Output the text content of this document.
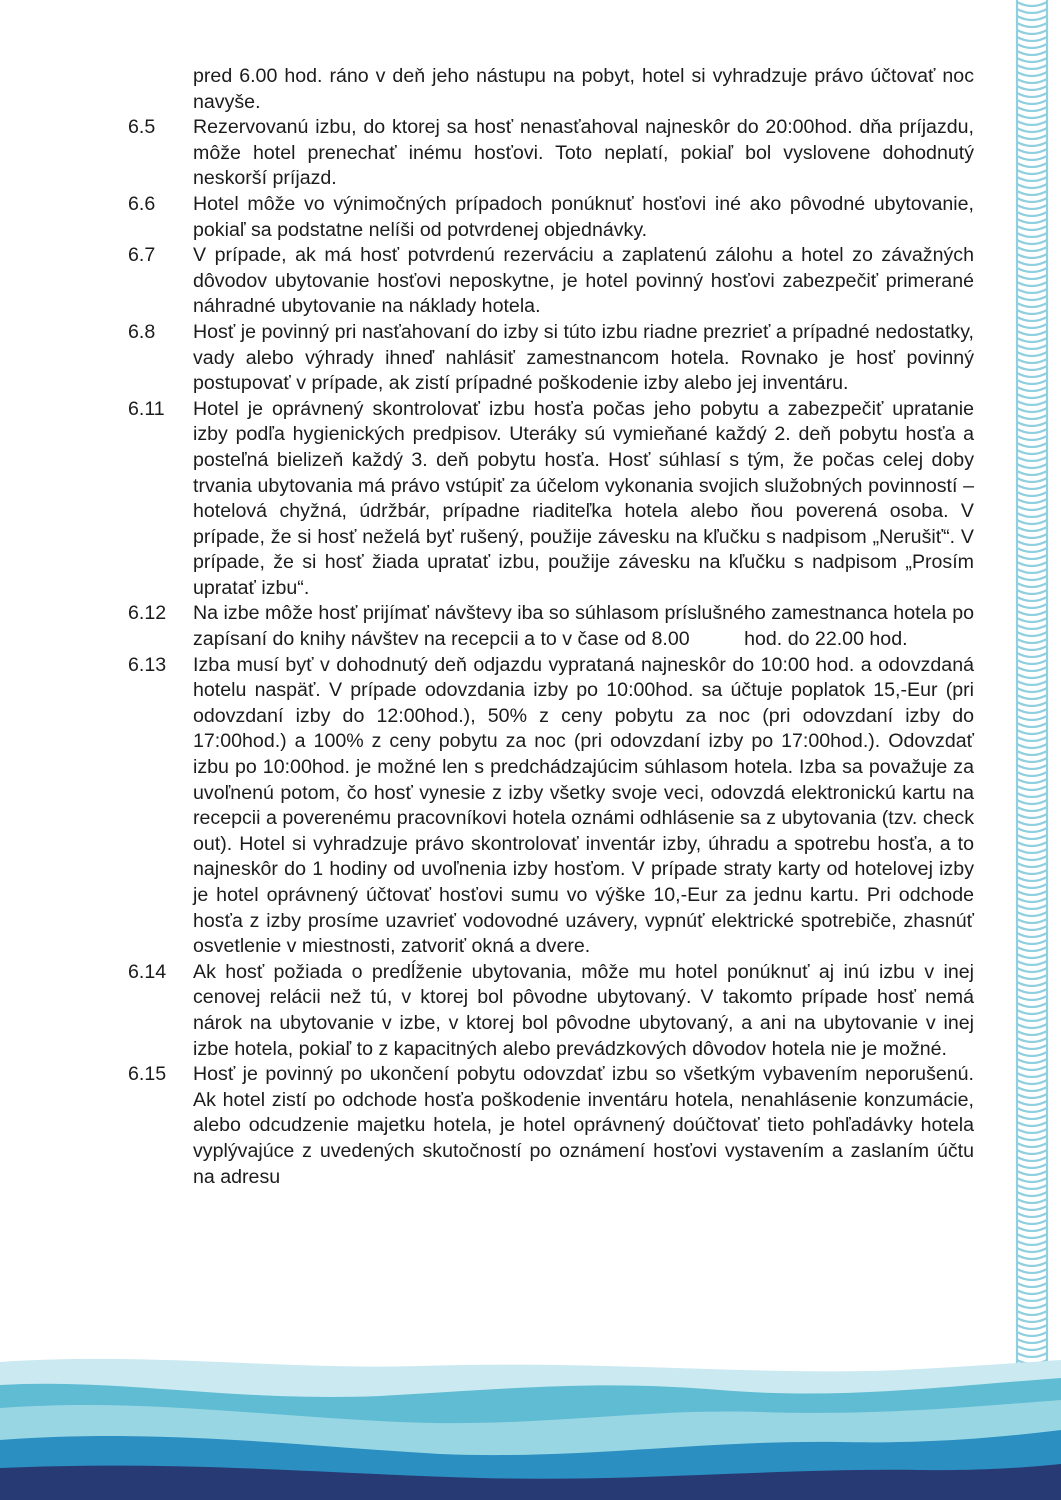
pred 6.00 hod. ráno v deň jeho nástupu na pobyt, hotel si vyhradzuje právo účtovať noc navyše.
6.5	Rezervovanú izbu, do ktorej sa hosť nenasťahoval najneskôr do 20:00hod. dňa príjazdu, môže hotel prenechať inému hosťovi. Toto neplatí, pokiaľ bol vyslovene dohodnutý neskorší príjazd.
6.6	Hotel môže vo výnimočných prípadoch ponúknuť hosťovi iné ako pôvodné ubytovanie, pokiaľ sa podstatne nelíši od potvrdenej objednávky.
6.7	V prípade, ak má hosť potvrdenú rezerváciu a zaplatenú zálohu a hotel zo závažných dôvodov ubytovanie hosťovi neposkytne, je hotel povinný hosťovi zabezpečiť primerané náhradné ubytovanie na náklady hotela.
6.8	Hosť je povinný pri nasťahovaní do izby si túto izbu riadne prezrieť a prípadné nedostatky, vady alebo výhrady ihneď nahlásiť zamestnancom hotela. Rovnako je hosť povinný postupovať v prípade, ak zistí prípadné poškodenie izby alebo jej inventáru.
6.11	Hotel je oprávnený skontrolovať izbu hosťa počas jeho pobytu a zabezpečiť upratanie izby podľa hygienických predpisov. Uteráky sú vymieňané každý 2. deň pobytu hosťa a posteľná bielizeň každý 3. deň pobytu hosťa. Hosť súhlasí s tým, že počas celej doby trvania ubytovania má právo vstúpiť za účelom vykonania svojich služobných povinností – hotelová chyžná, údržbár, prípadne riaditeľka hotela alebo ňou poverená osoba. V prípade, že si hosť neželá byť rušený, použije závesku na kľučku s nadpisom „Nerušiť“. V prípade, že si hosť žiada upratať izbu, použije závesku na kľučku s nadpisom „Prosím upratať izbu“.
6.12	Na izbe môže hosť prijímať návštevy iba so súhlasom príslušného zamestnanca hotela po zapísaní do knihy návštev na recepcii a to v čase od 8.00          hod. do 22.00 hod.
6.13	Izba musí byť v dohodnutý deň odjazdu vyprataná najneskôr do 10:00 hod. a odovzdaná hotelu naspäť. V prípade odovzdania izby po 10:00hod. sa účtuje poplatok 15,-Eur (pri odovzdaní izby do 12:00hod.), 50% z ceny pobytu za noc (pri odovzdaní izby do 17:00hod.) a 100% z ceny pobytu za noc (pri odovzdaní izby po 17:00hod.). Odovzdať izbu po 10:00hod. je možné len s predchádzajúcim súhlasom hotela. Izba sa považuje za uvoľnenú potom, čo hosť vynesie z izby všetky svoje veci, odovzdá elektronickú kartu na recepcii a poverenému pracovníkovi hotela oznámi odhlásenie sa z ubytovania (tzv. check out). Hotel si vyhradzuje právo skontrolovať inventár izby, úhradu a spotrebu hosťa, a to najneskôr do 1 hodiny od uvoľnenia izby hosťom. V prípade straty karty od hotelovej izby je hotel oprávnený účtovať hosťovi sumu vo výške 10,-Eur za jednu kartu. Pri odchode hosťa z izby prosíme uzavrieť vodovodné uzávery, vypnúť elektrické spotrebiče, zhasnúť osvetlenie v miestnosti, zatvoriť okná a dvere.
6.14	Ak hosť požiada o predĺženie ubytovania, môže mu hotel ponúknuť aj inú izbu v inej cenovej relácii než tú, v ktorej bol pôvodne ubytovaný. V takomto prípade hosť nemá nárok na ubytovanie v izbe, v ktorej bol pôvodne ubytovaný, a ani na ubytovanie v inej izbe hotela, pokiaľ to z kapacitných alebo prevádzkových dôvodov hotela nie je možné.
6.15	Hosť je povinný po ukončení pobytu odovzdať izbu so všetkým vybavením neporušenú. Ak hotel zistí po odchode hosťa poškodenie inventáru hotela, nenahlásenie konzumácie, alebo odcudzenie majetku hotela, je hotel oprávnený doúčtovať tieto pohľadávky hotela vyplývajúce z uvedených skutočností po oznámení hosťovi vystavením a zaslaním účtu na adresu
